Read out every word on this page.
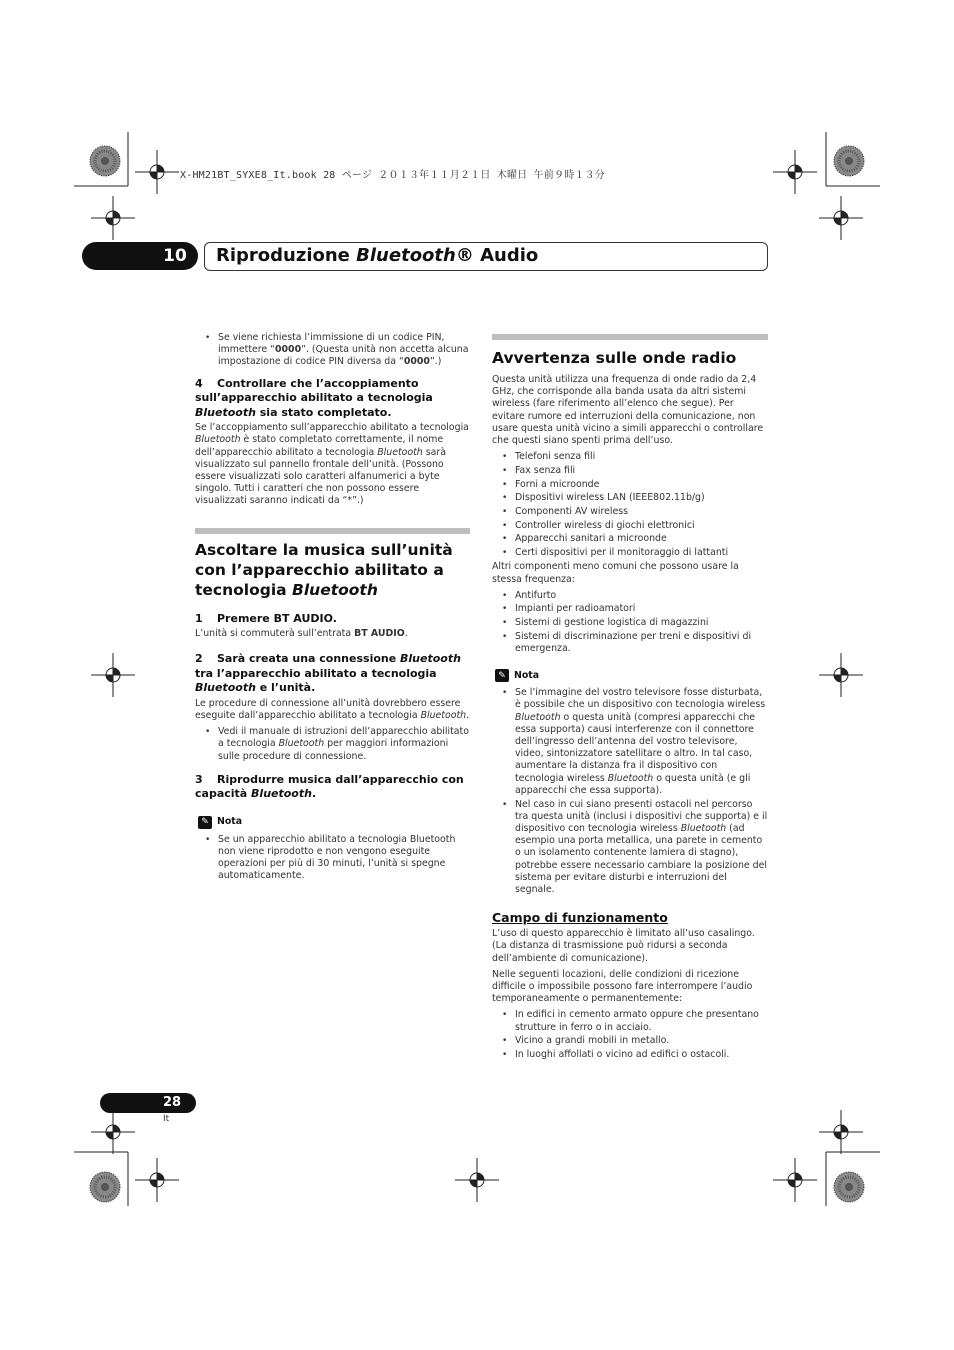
X-HM21BT_SYXE8_It.book 28 ページ ２０１３年１１月２１日 木曜日 午前９時１３分
10 Riproduzione Bluetooth® Audio
• Se viene richiesta l’immissione di un codice PIN, immettere “0000”. (Questa unità non accetta alcuna impostazione di codice PIN diversa da “0000”.)
4 Controllare che l’accoppiamento sull’apparecchio abilitato a tecnologia Bluetooth sia stato completato.

Se l’accoppiamento sull’apparecchio abilitato a tecnologia Bluetooth è stato completato correttamente, il nome dell’apparecchio abilitato a tecnologia Bluetooth sarà visualizzato sul pannello frontale dell’unità. (Possono essere visualizzati solo caratteri alfanumerici a byte singolo. Tutti i caratteri che non possono essere visualizzati saranno indicati da “*”.)

Ascoltare la musica sull’unità con l’apparecchio abilitato a tecnologia Bluetooth
1 Premere BT AUDIO.

L’unità si commuterà sull’entrata BT AUDIO.

2 Sarà creata una connessione Bluetooth tra l’apparecchio abilitato a tecnologia Bluetooth e l’unità.

Le procedure di connessione all’unità dovrebbero essere eseguite dall’apparecchio abilitato a tecnologia Bluetooth.

• Vedi il manuale di istruzioni dell’apparecchio abilitato a tecnologia Bluetooth per maggiori informazioni sulle procedure di connessione.
3 Riprodurre musica dall’apparecchio con capacità Bluetooth.
✎ Nota
• Se un apparecchio abilitato a tecnologia Bluetooth non viene riprodotto e non vengono eseguite operazioni per più di 30 minuti, l’unità si spegne automaticamente.
Avvertenza sulle onde radio

Questa unità utilizza una frequenza di onde radio da 2,4 GHz, che corrisponde alla banda usata da altri sistemi wireless (fare riferimento all’elenco che segue). Per evitare rumore ed interruzioni della comunicazione, non usare questa unità vicino a simili apparecchi o controllare che questi siano spenti prima dell’uso.

• Telefoni senza fili
• Fax senza fili
• Forni a microonde
• Dispositivi wireless LAN (IEEE802.11b/g)
• Componenti AV wireless
• Controller wireless di giochi elettronici
• Apparecchi sanitari a microonde
• Certi dispositivi per il monitoraggio di lattanti

Altri componenti meno comuni che possono usare la stessa frequenza:

• Antifurto
• Impianti per radioamatori
• Sistemi di gestione logistica di magazzini
• Sistemi di discriminazione per treni e dispositivi di emergenza.
✎ Nota
• Se l’immagine del vostro televisore fosse disturbata, è possibile che un dispositivo con tecnologia wireless Bluetooth o questa unità (compresi apparecchi che essa supporta) causi interferenze con il connettore dell’ingresso dell’antenna del vostro televisore, video, sintonizzatore satellitare o altro. In tal caso, aumentare la distanza fra il dispositivo con tecnologia wireless Bluetooth o questa unità (e gli apparecchi che essa supporta).
• Nel caso in cui siano presenti ostacoli nel percorso tra questa unità (inclusi i dispositivi che supporta) e il dispositivo con tecnologia wireless Bluetooth (ad esempio una porta metallica, una parete in cemento o un isolamento contenente lamiera di stagno), potrebbe essere necessario cambiare la posizione del sistema per evitare disturbi e interruzioni del segnale.
Campo di funzionamento

L’uso di questo apparecchio è limitato all’uso casalingo. (La distanza di trasmissione può ridursi a seconda dell’ambiente di comunicazione).

Nelle seguenti locazioni, delle condizioni di ricezione difficile o impossibile possono fare interrompere l’audio temporaneamente o permanentemente:

• In edifici in cemento armato oppure che presentano strutture in ferro o in acciaio.
• Vicino a grandi mobili in metallo.
• In luoghi affollati o vicino ad edifici o ostacoli.
28
It
